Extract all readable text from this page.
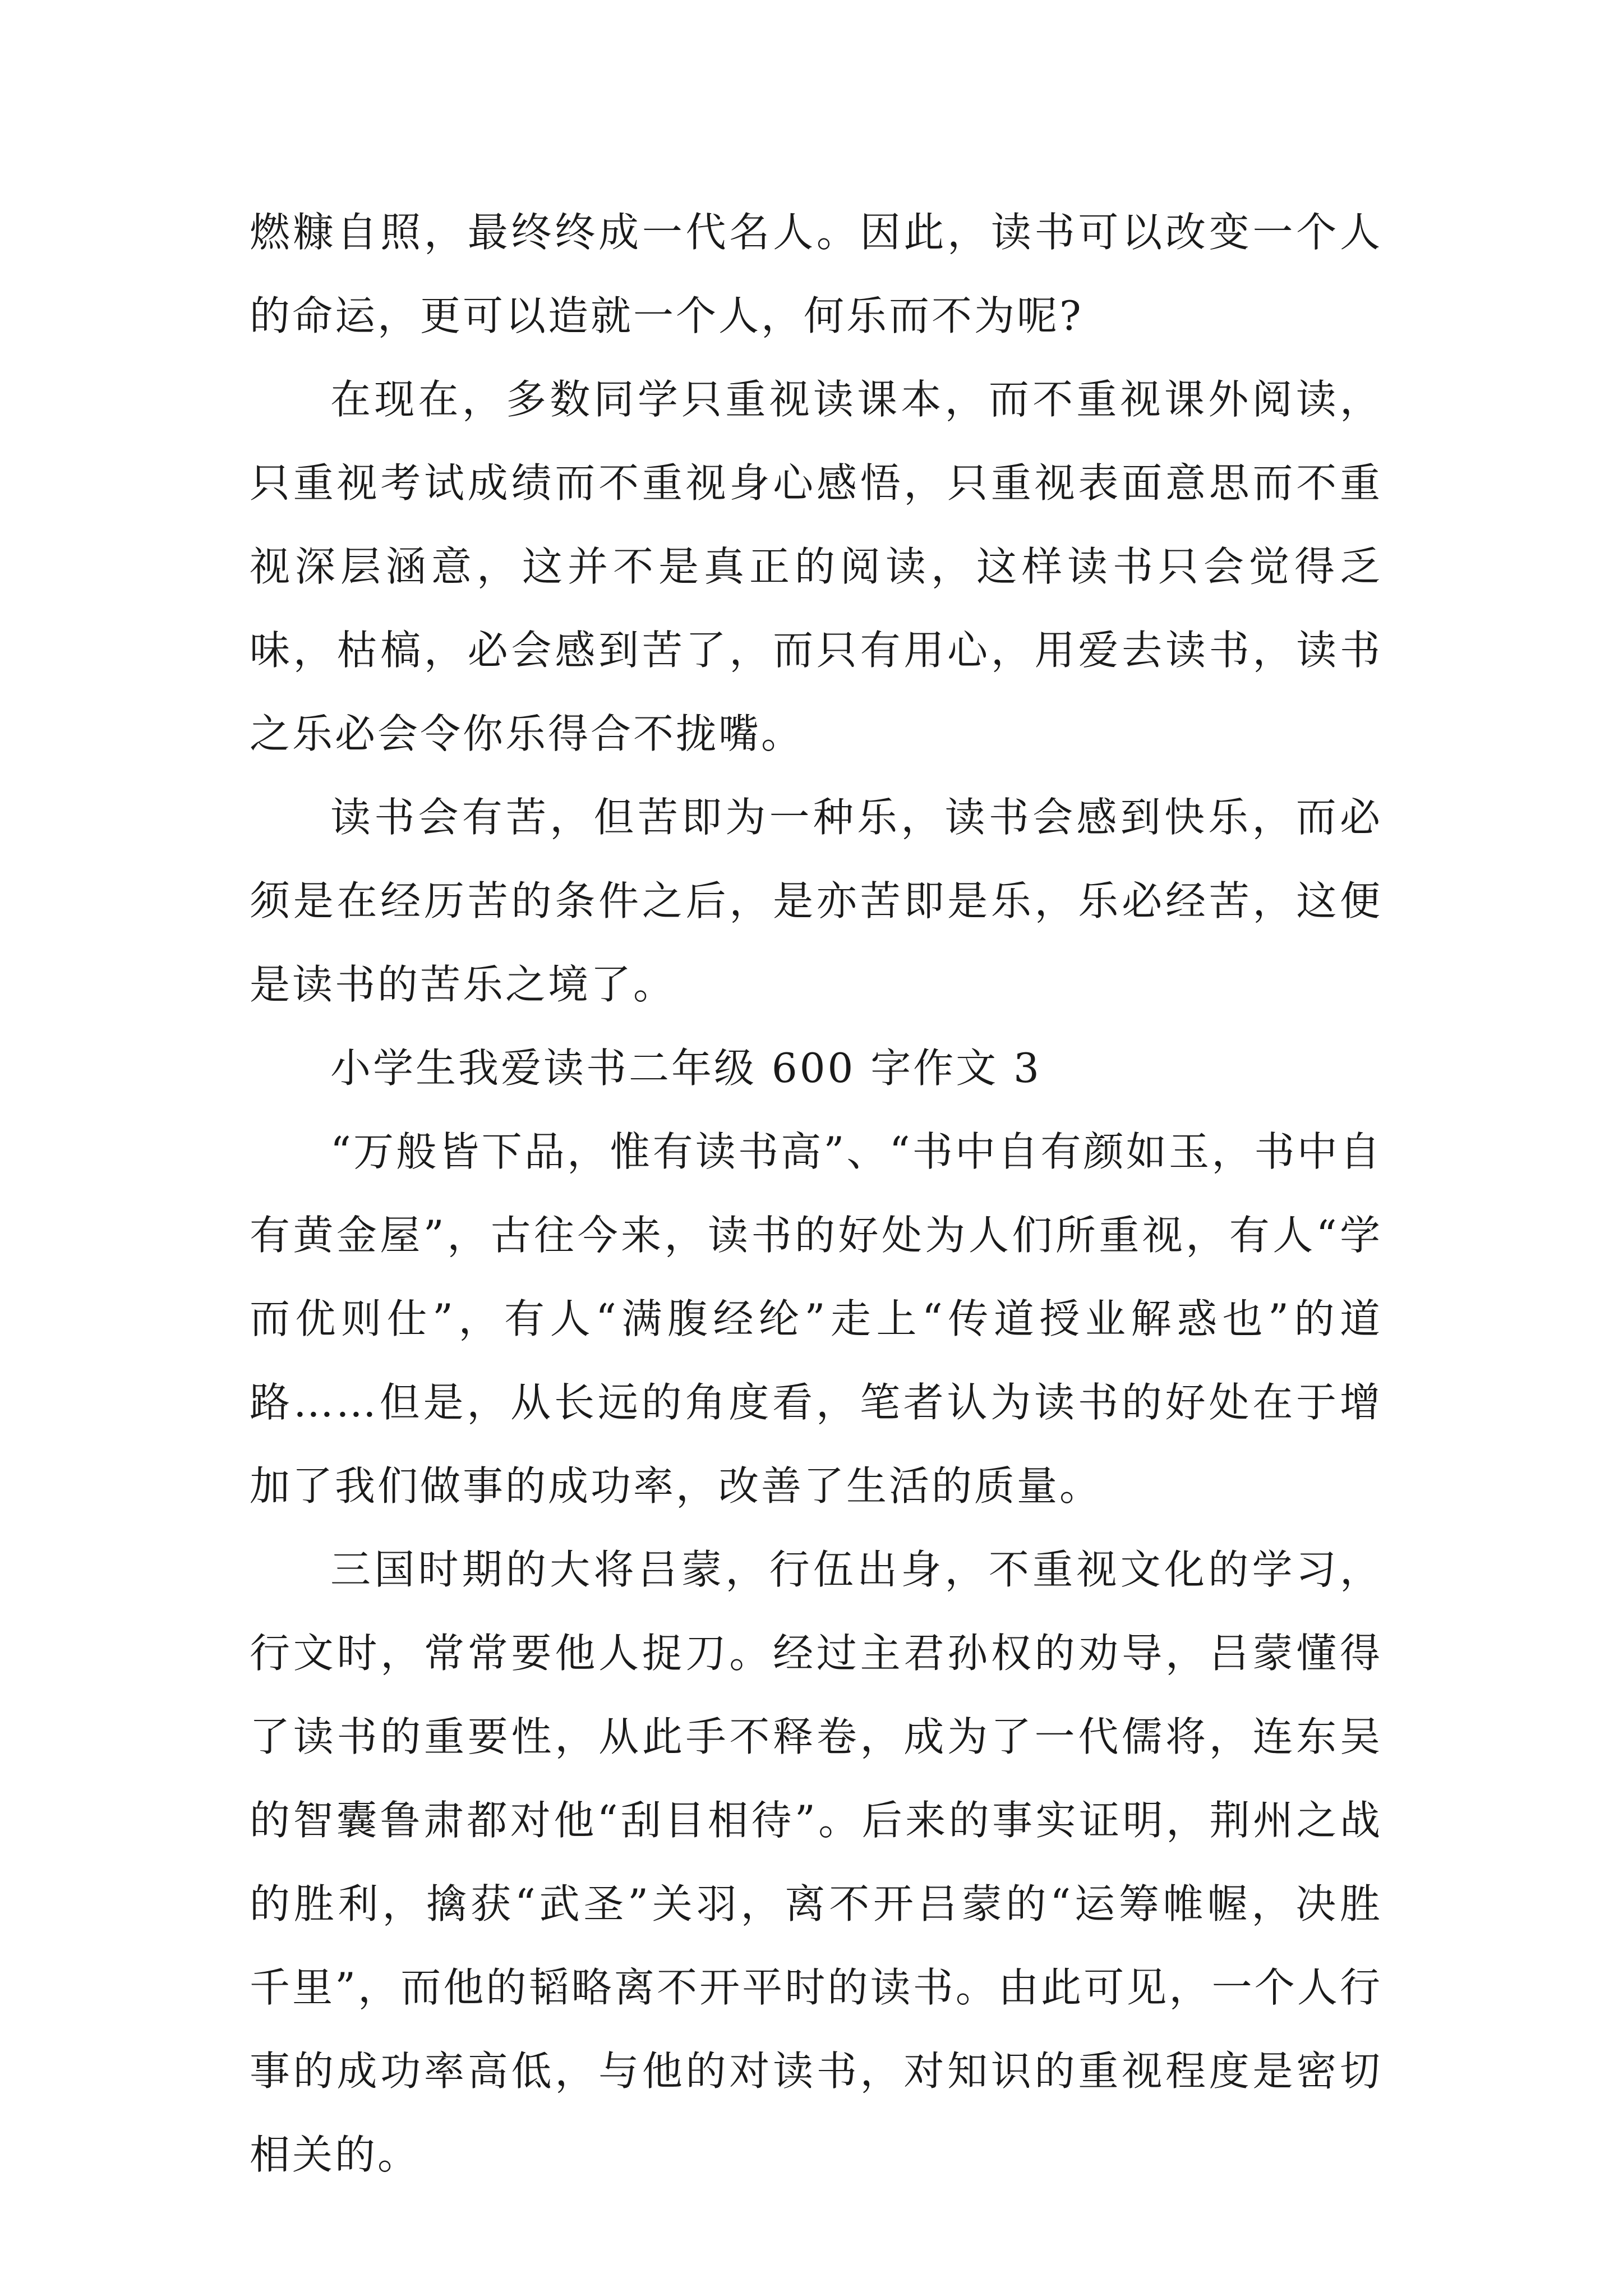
燃糠自照，最终终成一代名人。因此，读书可以改变一个人的命运，更可以造就一个人，何乐而不为呢?

在现在，多数同学只重视读课本，而不重视课外阅读，只重视考试成绩而不重视身心感悟，只重视表面意思而不重视深层涵意，这并不是真正的阅读，这样读书只会觉得乏味，枯槁，必会感到苦了，而只有用心，用爱去读书，读书之乐必会令你乐得合不拢嘴。

读书会有苦，但苦即为一种乐，读书会感到快乐，而必须是在经历苦的条件之后，是亦苦即是乐，乐必经苦，这便是读书的苦乐之境了。

小学生我爱读书二年级 600 字作文 3

“万般皆下品，惟有读书高”、“书中自有颜如玉，书中自有黄金屋”，古往今来，读书的好处为人们所重视，有人“学而优则仕”，有人“满腹经纶”走上“传道授业解惑也”的道路……但是，从长远的角度看，笔者认为读书的好处在于增加了我们做事的成功率，改善了生活的质量。

三国时期的大将吕蒙，行伍出身，不重视文化的学习，行文时，常常要他人捉刀。经过主君孙权的劝导，吕蒙懂得了读书的重要性，从此手不释卷，成为了一代儒将，连东吴的智囊鲁肃都对他“刮目相待”。后来的事实证明，荆州之战的胜利，擒获“武圣”关羽，离不开吕蒙的“运筹帷幄，决胜千里”，而他的韬略离不开平时的读书。由此可见，一个人行事的成功率高低，与他的对读书，对知识的重视程度是密切相关的。
